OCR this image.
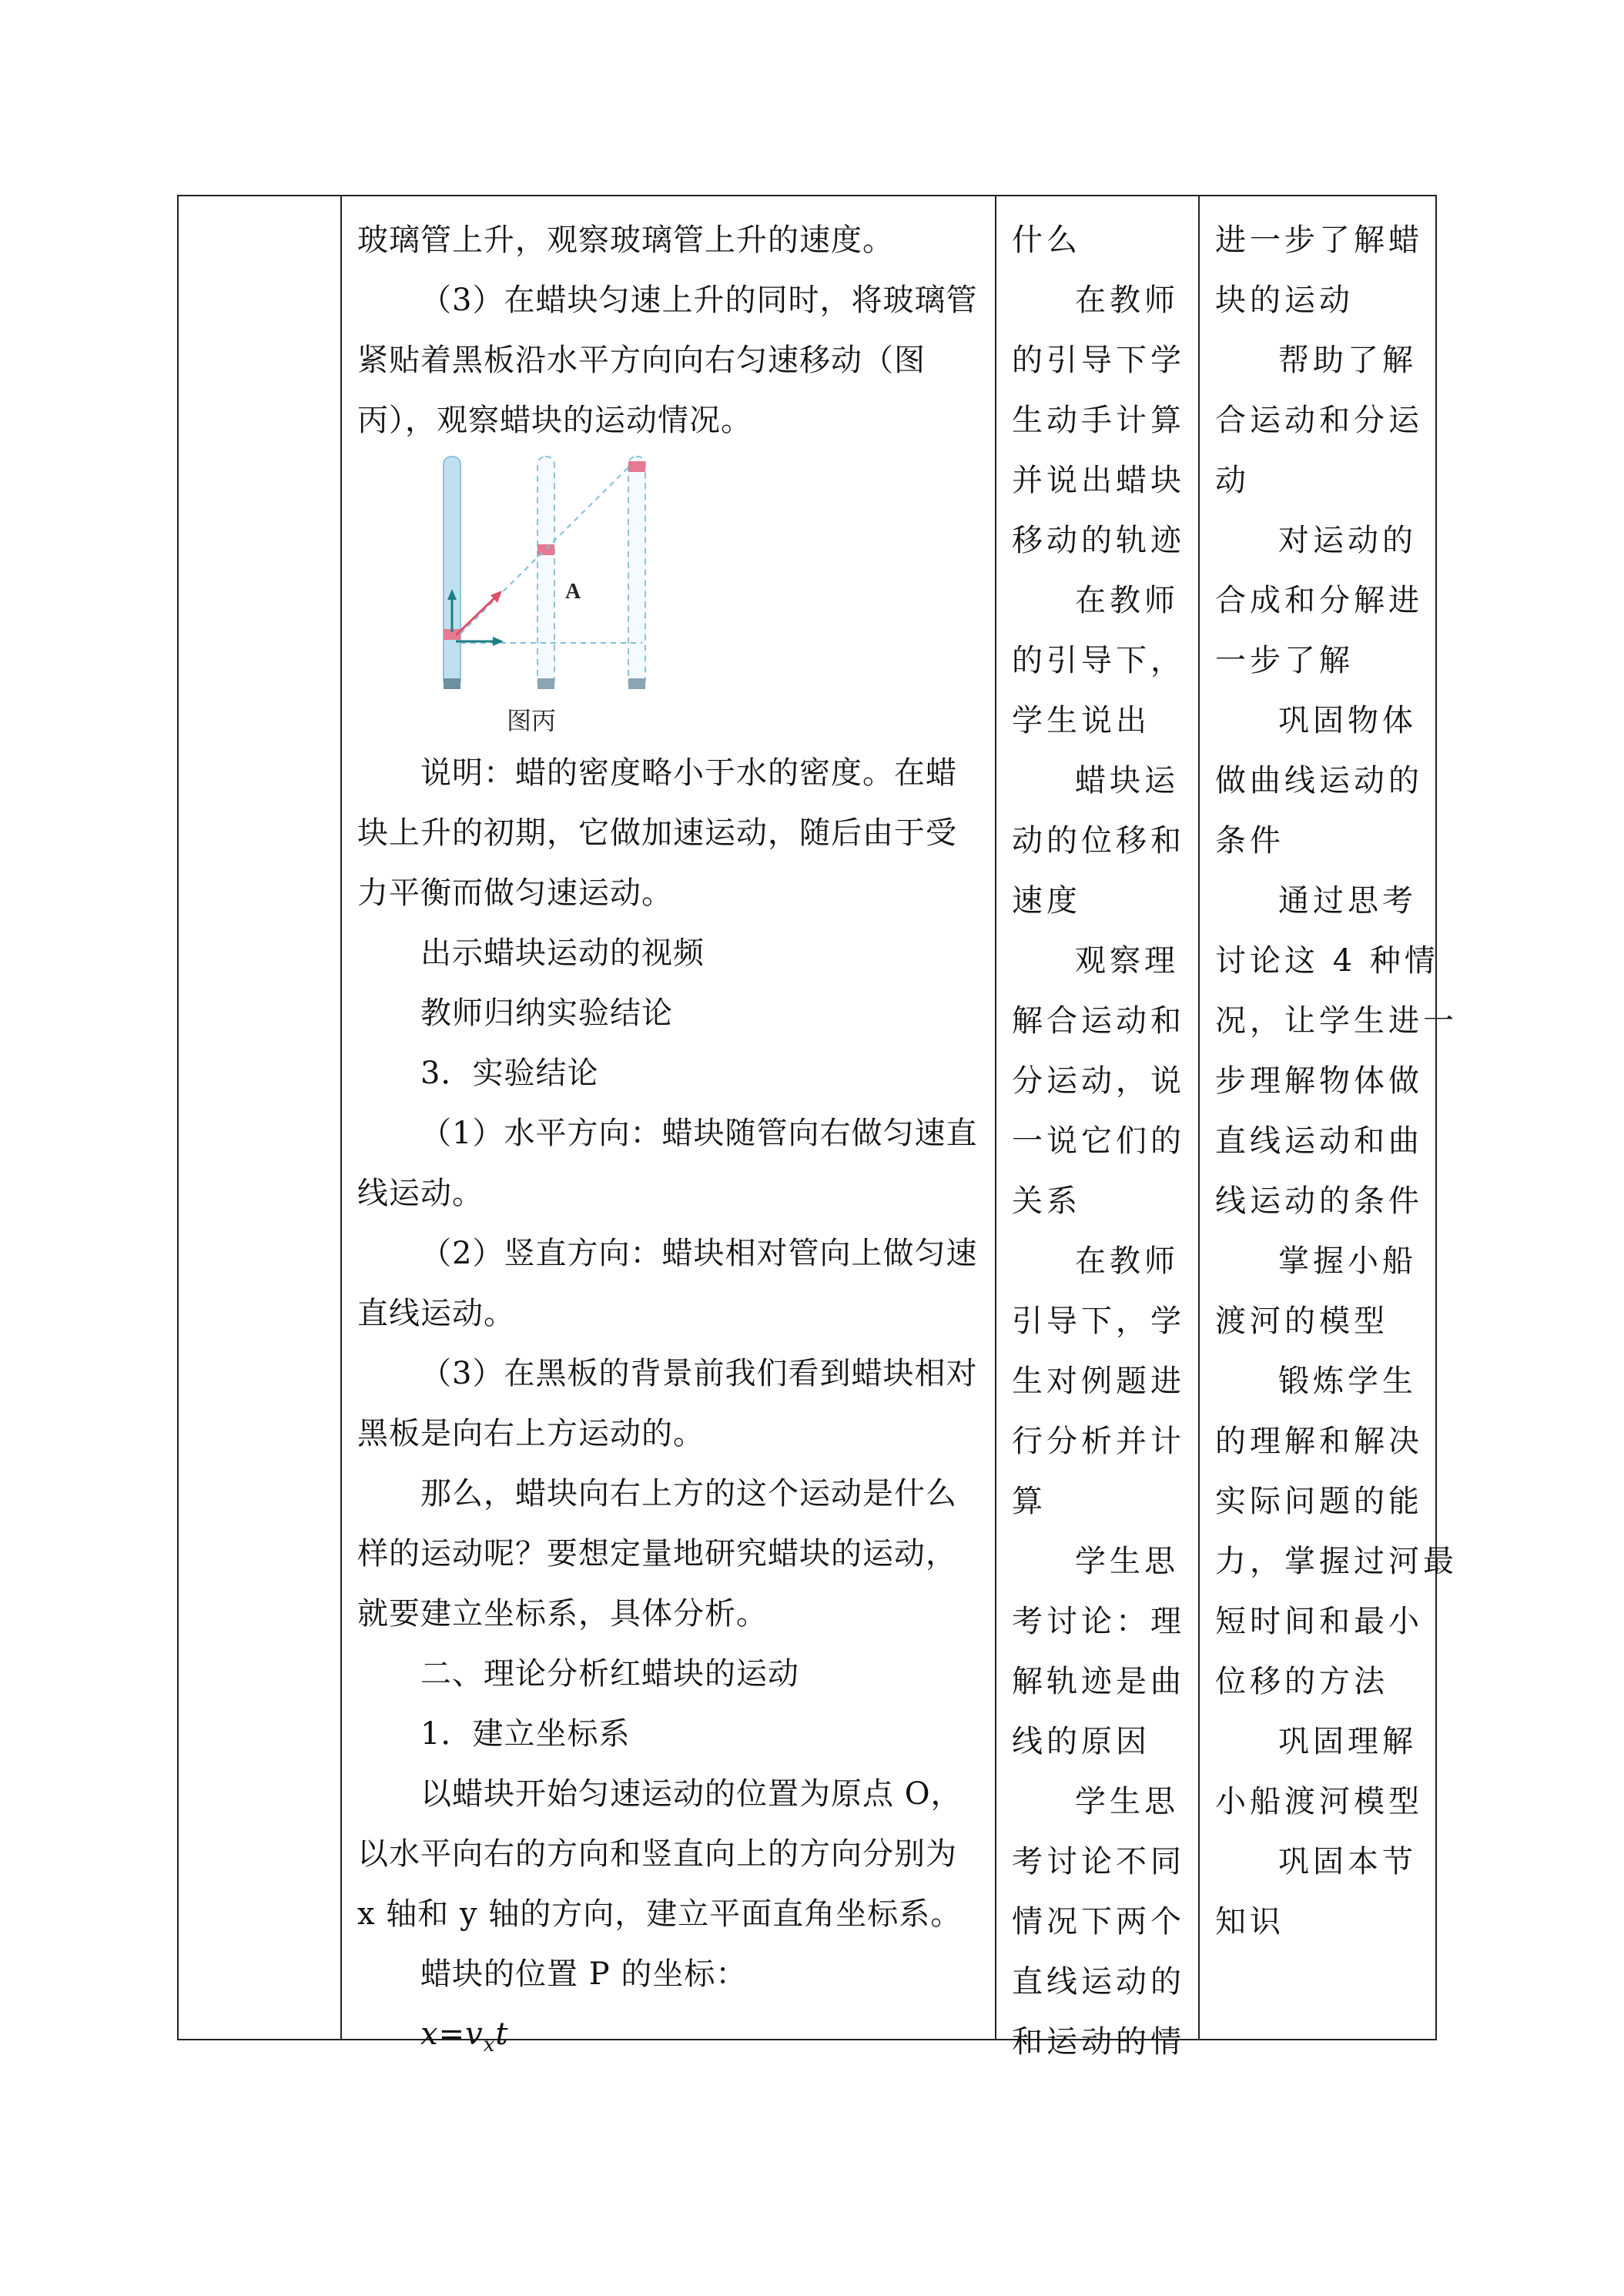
玻璃管上升，观察玻璃管上升的速度。
（3）在蜡块匀速上升的同时，将玻璃管
紧贴着黑板沿水平方向向右匀速移动（图
丙），观察蜡块的运动情况。
A
图丙
说明：蜡的密度略小于水的密度。在蜡
块上升的初期，它做加速运动，随后由于受
力平衡而做匀速运动。
出示蜡块运动的视频
教师归纳实验结论
3．实验结论
（1）水平方向：蜡块随管向右做匀速直
线运动。
（2）竖直方向：蜡块相对管向上做匀速
直线运动。
（3）在黑板的背景前我们看到蜡块相对
黑板是向右上方运动的。
那么，蜡块向右上方的这个运动是什么
样的运动呢？要想定量地研究蜡块的运动，
就要建立坐标系，具体分析。
二、理论分析红蜡块的运动
1．建立坐标系
以蜡块开始匀速运动的位置为原点 O，
以水平向右的方向和竖直向上的方向分别为
x 轴和 y 轴的方向，建立平面直角坐标系。
蜡块的位置 P 的坐标：
$x=v_xt$
什么
在教师
的引导下学
生动手计算
并说出蜡块
移动的轨迹
在教师
的引导下，
学生说出
蜡块运
动的位移和
速度
观察理
解合运动和
分运动，说
一说它们的
关系
在教师
引导下，学
生对例题进
行分析并计
算
学生思
考讨论：理
解轨迹是曲
线的原因
学生思
考讨论不同
情况下两个
直线运动的
和运动的情
进一步了解蜡
块的运动
帮助了解
合运动和分运
动
对运动的
合成和分解进
一步了解
巩固物体
做曲线运动的
条件
通过思考
讨论这 4 种情
况，让学生进一
步理解物体做
直线运动和曲
线运动的条件
掌握小船
渡河的模型
锻炼学生
的理解和解决
实际问题的能
力，掌握过河最
短时间和最小
位移的方法
巩固理解
小船渡河模型
巩固本节
知识
